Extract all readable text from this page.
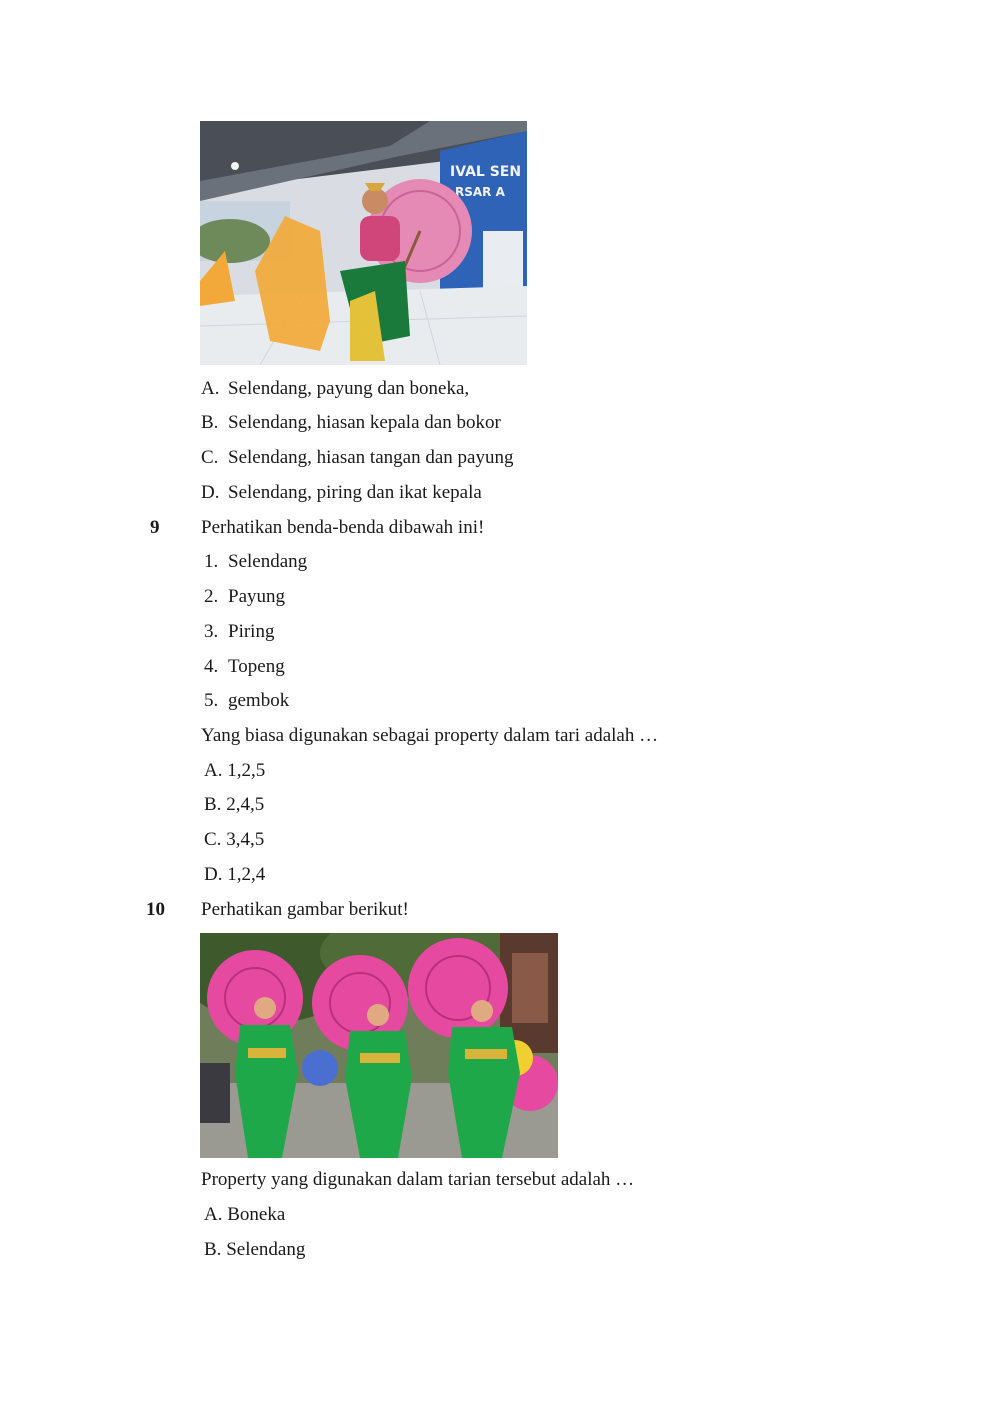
IVAL SEN
RSAR A
A. Selendang, payung dan boneka,
B. Selendang, hiasan kepala dan bokor
C. Selendang, hiasan tangan dan payung
D. Selendang, piring dan ikat kepala
9 Perhatikan benda-benda dibawah ini!
1. Selendang
2. Payung
3. Piring
4. Topeng
5. gembok
Yang biasa digunakan sebagai property dalam tari adalah …
A. 1,2,5
B. 2,4,5
C. 3,4,5
D. 1,2,4
10 Perhatikan gambar berikut!
Property yang digunakan dalam tarian tersebut adalah …
A. Boneka
B. Selendang
